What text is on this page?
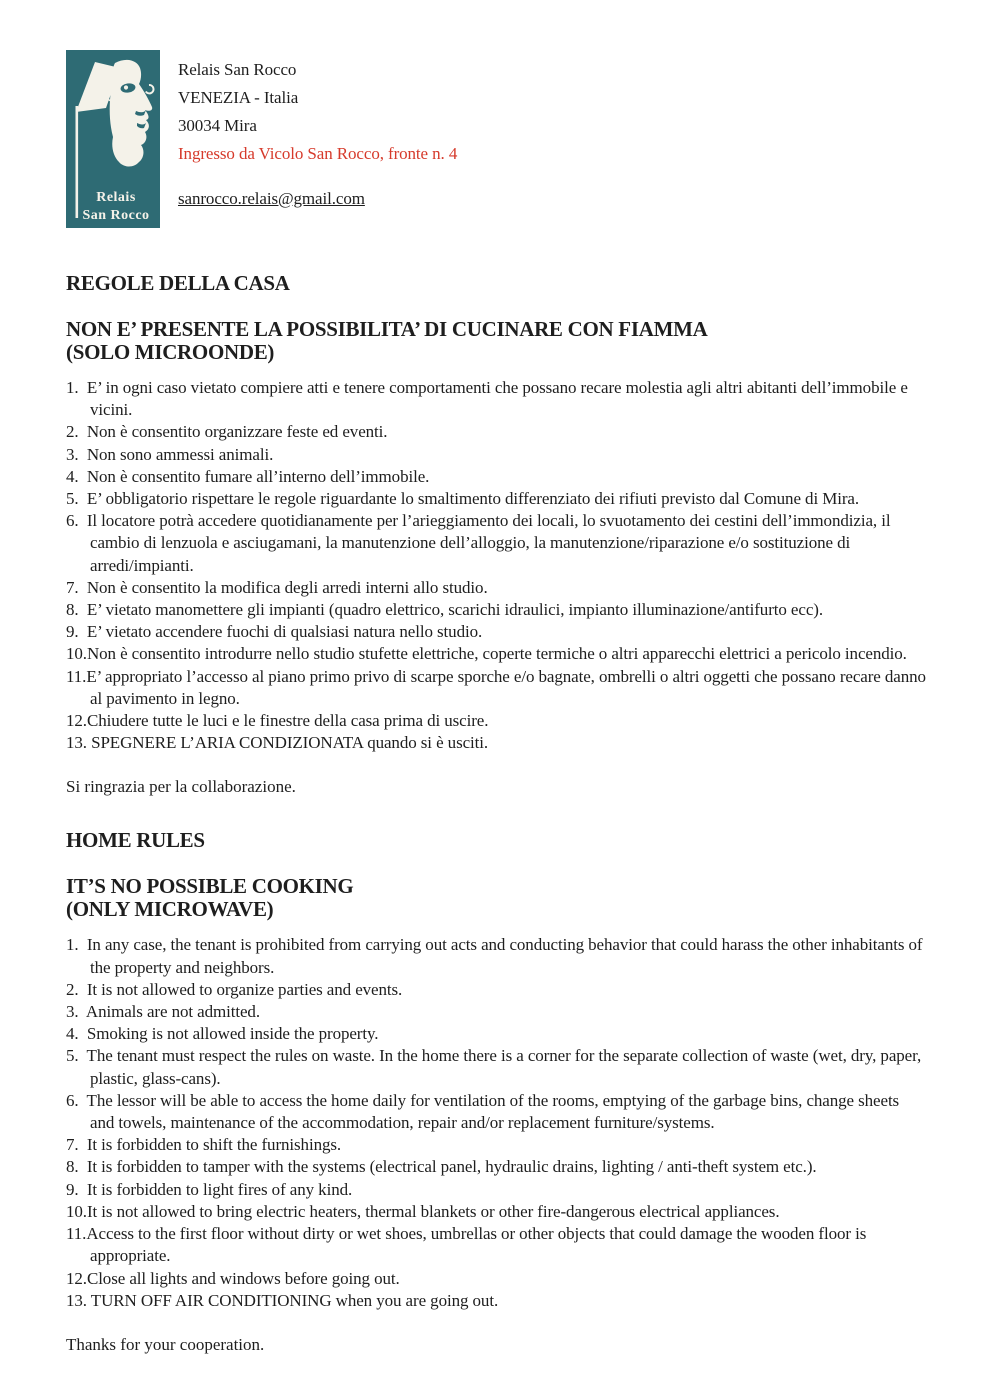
Relais
San Rocco

Relais San Rocco

VENEZIA - Italia

30034 Mira

Ingresso da Vicolo San Rocco, fronte n. 4

sanrocco.relais@gmail.com

REGOLE DELLA CASA
NON E’ PRESENTE LA POSSIBILITA’ DI CUCINARE CON FIAMMA
(SOLO MICROONDE)
1.  E’ in ogni caso vietato compiere atti e tenere comportamenti che possano recare molestia agli altri abitanti dell’immobile e vicini.
2.  Non è consentito organizzare feste ed eventi.
3.  Non sono ammessi animali.
4.  Non è consentito fumare all’interno dell’immobile.
5.  E’ obbligatorio rispettare le regole riguardante lo smaltimento differenziato dei rifiuti previsto dal Comune di Mira.
6.  Il locatore potrà accedere quotidianamente per l’arieggiamento dei locali, lo svuotamento dei cestini dell’immondizia, il cambio di lenzuola e asciugamani, la manutenzione dell’alloggio, la manutenzione/riparazione e/o sostituzione di arredi/impianti.
7.  Non è consentito la modifica degli arredi interni allo studio.
8.  E’ vietato manomettere gli impianti (quadro elettrico, scarichi idraulici, impianto illuminazione/antifurto ecc).
9.  E’ vietato accendere fuochi di qualsiasi natura nello studio.
10.Non è consentito introdurre nello studio stufette elettriche, coperte termiche o altri apparecchi elettrici a pericolo incendio.
11.E’ appropriato l’accesso al piano primo privo di scarpe sporche e/o bagnate, ombrelli o altri oggetti che possano recare danno al pavimento in legno.
12.Chiudere tutte le luci e le finestre della casa prima di uscire.
13. SPEGNERE L’ARIA CONDIZIONATA quando si è usciti.

Si ringrazia per la collaborazione.

HOME RULES
IT’S NO POSSIBLE COOKING
(ONLY MICROWAVE)
1.  In any case, the tenant is prohibited from carrying out acts and conducting behavior that could harass the other inhabitants of the property and neighbors.
2.  It is not allowed to organize parties and events.
3.  Animals are not admitted.
4.  Smoking is not allowed inside the property.
5.  The tenant must respect the rules on waste. In the home there is a corner for the separate collection of waste (wet, dry, paper, plastic, glass-cans).
6.  The lessor will be able to access the home daily for ventilation of the rooms, emptying of the garbage bins, change sheets and towels, maintenance of the accommodation, repair and/or replacement furniture/systems.
7.  It is forbidden to shift the furnishings.
8.  It is forbidden to tamper with the systems (electrical panel, hydraulic drains, lighting / anti-theft system etc.).
9.  It is forbidden to light fires of any kind.
10.It is not allowed to bring electric heaters, thermal blankets or other fire-dangerous electrical appliances.
11.Access to the first floor without dirty or wet shoes, umbrellas or other objects that could damage the wooden floor is appropriate.
12.Close all lights and windows before going out.
13. TURN OFF AIR CONDITIONING when you are going out.

Thanks for your cooperation.
